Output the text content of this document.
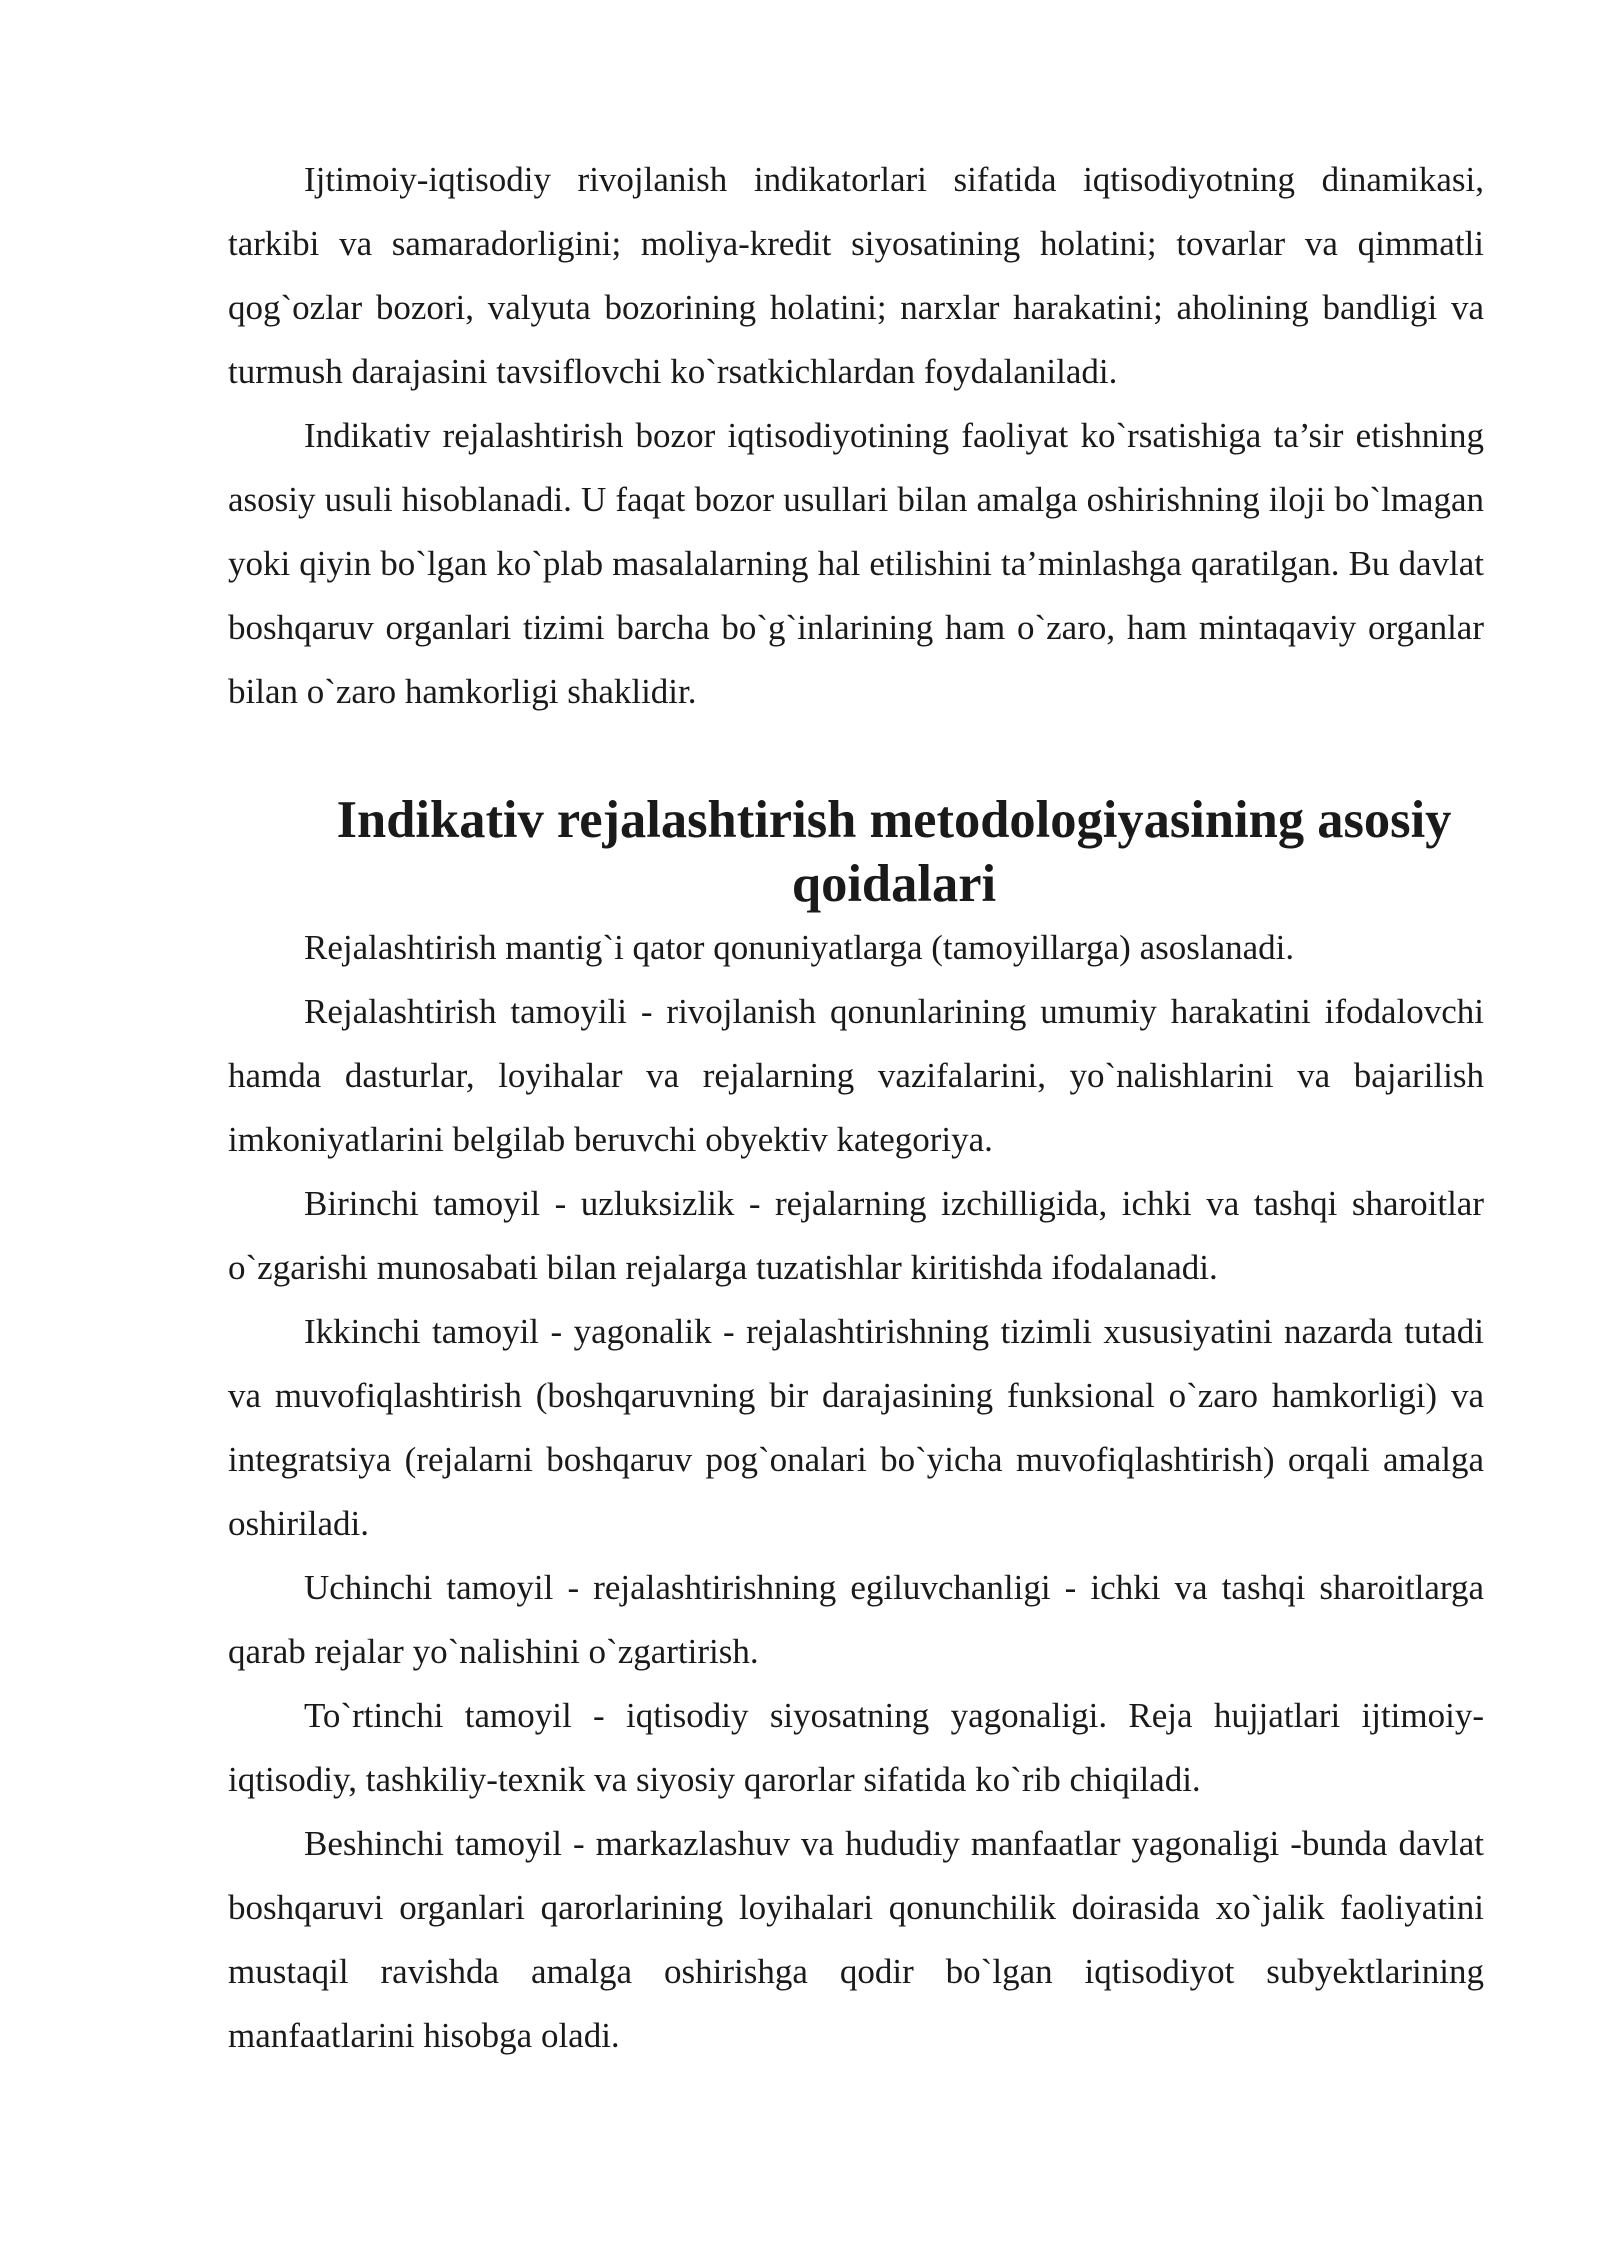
Ijtimoiy-iqtisodiy rivojlanish indikatorlari sifatida iqtisodiyotning dinamikasi, tarkibi va samaradorligini; moliya-kredit siyosatining holatini; tovarlar va qimmatli qog`ozlar bozori, valyuta bozorining holatini; narxlar harakatini; aholining bandligi va turmush darajasini tavsiflovchi ko`rsatkichlardan foydalaniladi.

Indikativ rejalashtirish bozor iqtisodiyotining faoliyat ko`rsatishiga ta’sir etishning asosiy usuli hisoblanadi. U faqat bozor usullari bilan amalga oshirishning iloji bo`lmagan yoki qiyin bo`lgan ko`plab masalalarning hal etilishini ta’minlashga qaratilgan. Bu davlat boshqaruv organlari tizimi barcha bo`g`inlarining ham o`zaro, ham mintaqaviy organlar bilan o`zaro hamkorligi shaklidir.

Indikativ rejalashtirish metodologiyasining asosiy qoidalari

Rejalashtirish mantig`i qator qonuniyatlarga (tamoyillarga) asoslanadi.

Rejalashtirish tamoyili - rivojlanish qonunlarining umumiy harakatini ifodalovchi hamda dasturlar, loyihalar va rejalarning vazifalarini, yo`nalishlarini va bajarilish imkoniyatlarini belgilab beruvchi obyektiv kategoriya.

Birinchi tamoyil - uzluksizlik - rejalarning izchilligida, ichki va tashqi sharoitlar o`zgarishi munosabati bilan rejalarga tuzatishlar kiritishda ifodalanadi.

Ikkinchi tamoyil - yagonalik - rejalashtirishning tizimli xususiyatini nazarda tutadi va muvofiqlashtirish (boshqaruvning bir darajasining funksional o`zaro hamkorligi) va integratsiya (rejalarni boshqaruv pog`onalari bo`yicha muvofiqlashtirish) orqali amalga oshiriladi.

Uchinchi tamoyil - rejalashtirishning egiluvchanligi - ichki va tashqi sharoitlarga qarab rejalar yo`nalishini o`zgartirish.

To`rtinchi tamoyil - iqtisodiy siyosatning yagonaligi. Reja hujjatlari ijtimoiy-iqtisodiy, tashkiliy-texnik va siyosiy qarorlar sifatida ko`rib chiqiladi.

Beshinchi tamoyil - markazlashuv va hududiy manfaatlar yagonaligi -bunda davlat boshqaruvi organlari qarorlarining loyihalari qonunchilik doirasida xo`jalik faoliyatini mustaqil ravishda amalga oshirishga qodir bo`lgan iqtisodiyot subyektlarining manfaatlarini hisobga oladi.
